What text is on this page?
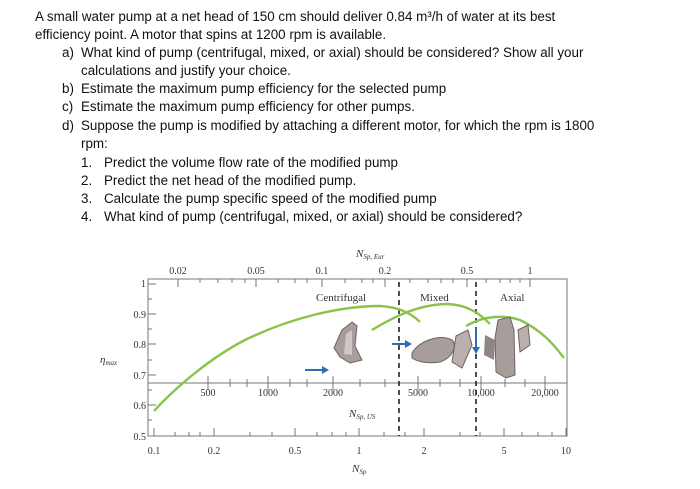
A small water pump at a net head of 150 cm should deliver 0.84 m³/h of water at its best
efficiency point. A motor that spins at 1200 rpm is available.
a) What kind of pump (centrifugal, mixed, or axial) should be considered? Show all your
calculations and justify your choice.
b) Estimate the maximum pump efficiency for the selected pump
c) Estimate the maximum pump efficiency for other pumps.
d) Suppose the pump is modified by attaching a different motor, for which the rpm is 1800
rpm:
1. Predict the volume flow rate of the modified pump
2. Predict the net head of the modified pump.
3. Calculate the pump specific speed of the modified pump
4. What kind of pump (centrifugal, mixed, or axial) should be considered?
NSp, Eur
0.02	0.05	0.1	0.2	0.5	1
1
0.9
0.8
0.7
0.6
0.5
ηmax
0.1	0.2	0.5	1	2	5	10
NSp
500	1000	2000	5000	10,000	20,000
NSp, US
Centrifugal	Mixed	Axial
